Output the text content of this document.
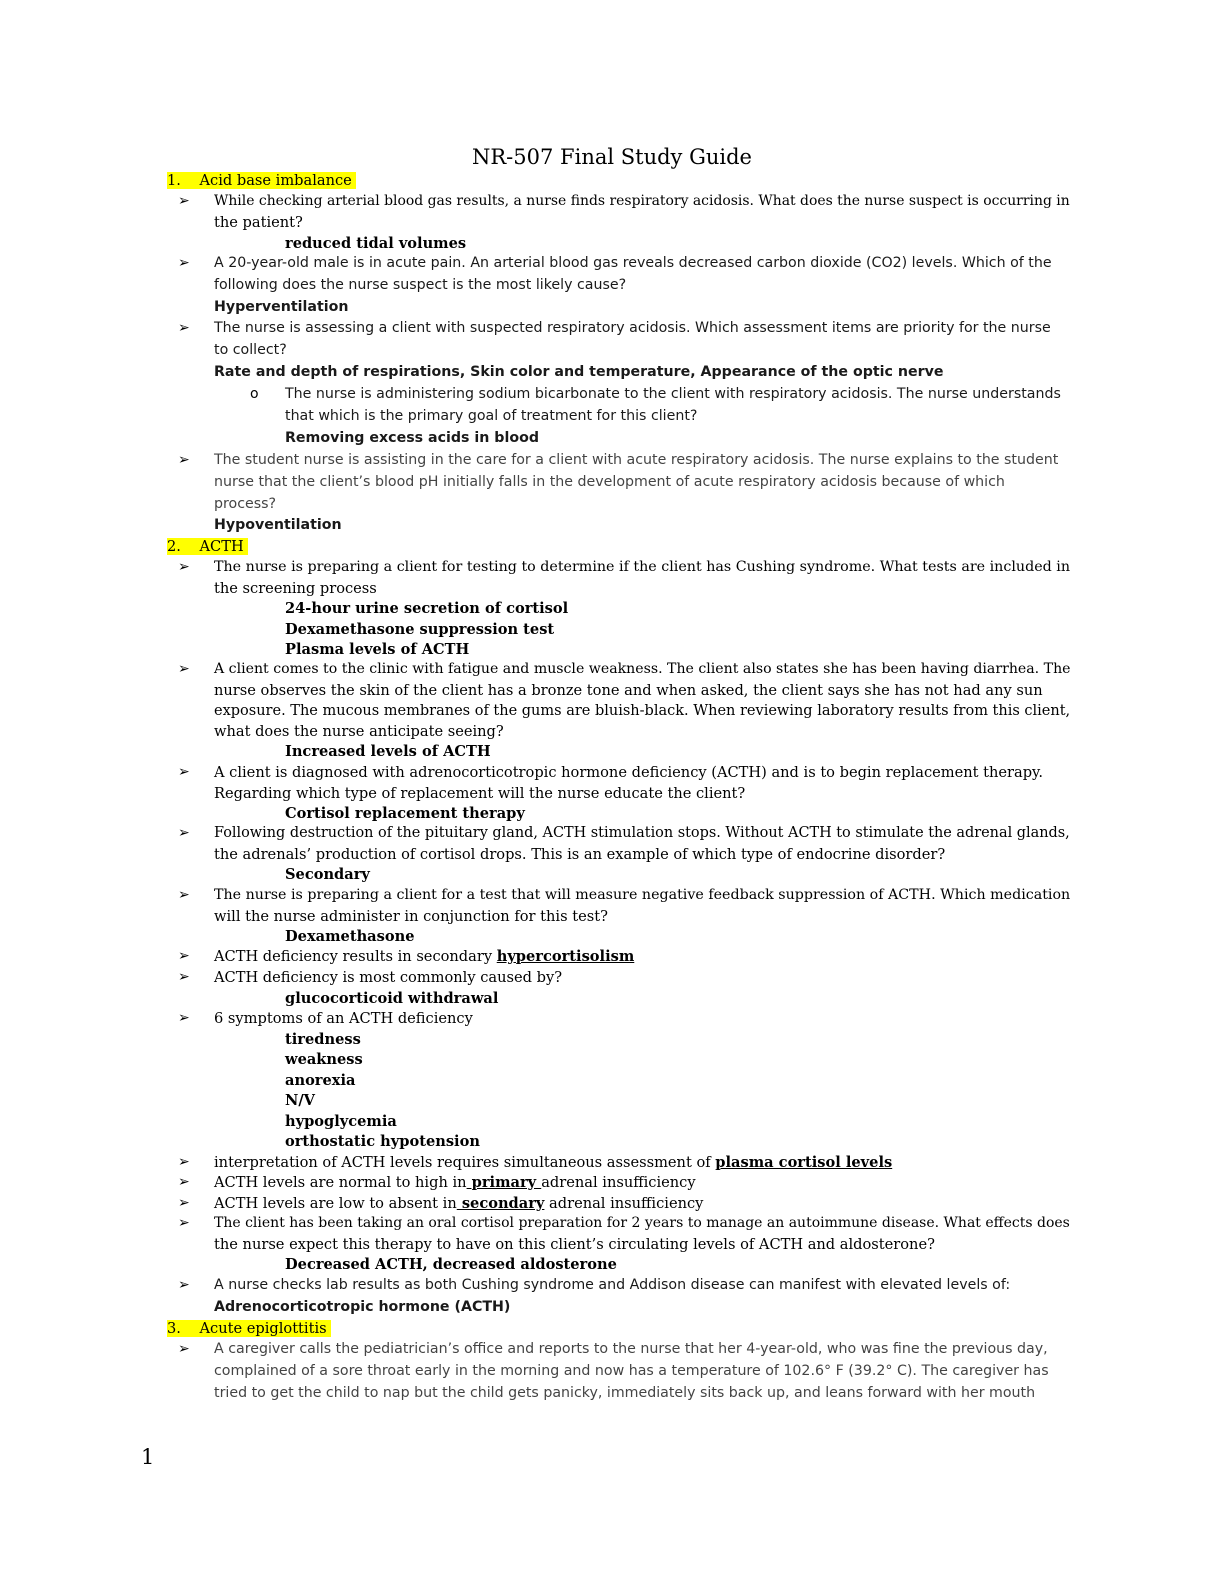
NR-507 Final Study Guide
1. Acid base imbalance
➢ While checking arterial blood gas results, a nurse finds respiratory acidosis. What does the nurse suspect is occurring in
the patient?
reduced tidal volumes
➢ A 20-year-old male is in acute pain. An arterial blood gas reveals decreased carbon dioxide (CO2) levels. Which of the
following does the nurse suspect is the most likely cause?
Hyperventilation
➢ The nurse is assessing a client with suspected respiratory acidosis. Which assessment items are priority for the nurse
to collect?
Rate and depth of respirations, Skin color and temperature, Appearance of the optic nerve
o The nurse is administering sodium bicarbonate to the client with respiratory acidosis. The nurse understands
that which is the primary goal of treatment for this client?
Removing excess acids in blood
➢ The student nurse is assisting in the care for a client with acute respiratory acidosis. The nurse explains to the student
nurse that the client’s blood pH initially falls in the development of acute respiratory acidosis because of which
process?
Hypoventilation
2. ACTH
➢ The nurse is preparing a client for testing to determine if the client has Cushing syndrome. What tests are included in
the screening process
24-hour urine secretion of cortisol
Dexamethasone suppression test
Plasma levels of ACTH
➢ A client comes to the clinic with fatigue and muscle weakness. The client also states she has been having diarrhea. The
nurse observes the skin of the client has a bronze tone and when asked, the client says she has not had any sun
exposure. The mucous membranes of the gums are bluish-black. When reviewing laboratory results from this client,
what does the nurse anticipate seeing?
Increased levels of ACTH
➢ A client is diagnosed with adrenocorticotropic hormone deficiency (ACTH) and is to begin replacement therapy.
Regarding which type of replacement will the nurse educate the client?
Cortisol replacement therapy
➢ Following destruction of the pituitary gland, ACTH stimulation stops. Without ACTH to stimulate the adrenal glands,
the adrenals’ production of cortisol drops. This is an example of which type of endocrine disorder?
Secondary
➢ The nurse is preparing a client for a test that will measure negative feedback suppression of ACTH. Which medication
will the nurse administer in conjunction for this test?
Dexamethasone
➢ ACTH deficiency results in secondary hypercortisolism
➢ ACTH deficiency is most commonly caused by?
glucocorticoid withdrawal
➢ 6 symptoms of an ACTH deficiency
tiredness
weakness
anorexia
N/V
hypoglycemia
orthostatic hypotension
➢ interpretation of ACTH levels requires simultaneous assessment of plasma cortisol levels
➢ ACTH levels are normal to high in primary adrenal insufficiency
➢ ACTH levels are low to absent in secondary adrenal insufficiency
➢ The client has been taking an oral cortisol preparation for 2 years to manage an autoimmune disease. What effects does
the nurse expect this therapy to have on this client’s circulating levels of ACTH and aldosterone?
Decreased ACTH, decreased aldosterone
➢ A nurse checks lab results as both Cushing syndrome and Addison disease can manifest with elevated levels of:
Adrenocorticotropic hormone (ACTH)
3. Acute epiglottitis
➢ A caregiver calls the pediatrician’s office and reports to the nurse that her 4-year-old, who was fine the previous day,
complained of a sore throat early in the morning and now has a temperature of 102.6° F (39.2° C). The caregiver has
tried to get the child to nap but the child gets panicky, immediately sits back up, and leans forward with her mouth
1
